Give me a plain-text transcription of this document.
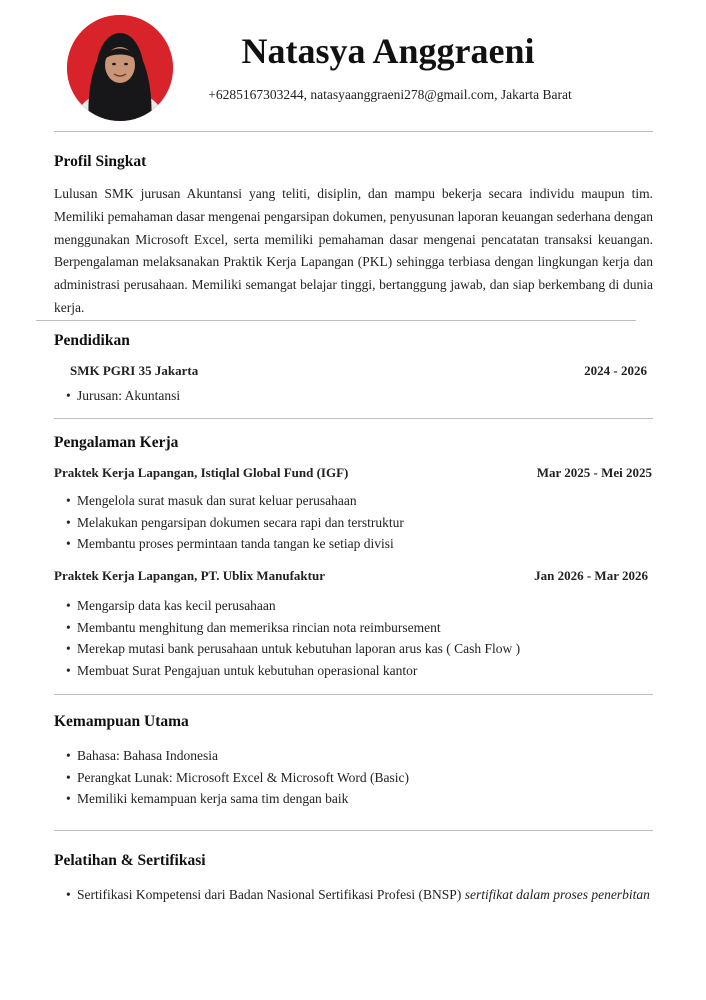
Natasya Anggraeni
+6285167303244, natasyaanggraeni278@gmail.com, Jakarta Barat
Profil Singkat
Lulusan SMK jurusan Akuntansi yang teliti, disiplin, dan mampu bekerja secara individu maupun tim. Memiliki pemahaman dasar mengenai pengarsipan dokumen, penyusunan laporan keuangan sederhana dengan menggunakan Microsoft Excel, serta memiliki pemahaman dasar mengenai pencatatan transaksi keuangan. Berpengalaman melaksanakan Praktik Kerja Lapangan (PKL) sehingga terbiasa dengan lingkungan kerja dan administrasi perusahaan. Memiliki semangat belajar tinggi, bertanggung jawab, dan siap berkembang di dunia kerja.
Pendidikan
SMK PGRI 35 Jakarta	2024 - 2026
• Jurusan: Akuntansi
Pengalaman Kerja
Praktek Kerja Lapangan, Istiqlal Global Fund (IGF)	Mar 2025 - Mei 2025
• Mengelola surat masuk dan surat keluar perusahaan
• Melakukan pengarsipan dokumen secara rapi dan terstruktur
• Membantu proses permintaan tanda tangan ke setiap divisi
Praktek Kerja Lapangan, PT. Ublix Manufaktur	Jan 2026 - Mar 2026
• Mengarsip data kas kecil perusahaan
• Membantu menghitung dan memeriksa rincian nota reimbursement
• Merekap mutasi bank perusahaan untuk kebutuhan laporan arus kas ( Cash Flow )
• Membuat Surat Pengajuan untuk kebutuhan operasional kantor
Kemampuan Utama
• Bahasa: Bahasa Indonesia
• Perangkat Lunak: Microsoft Excel & Microsoft Word (Basic)
• Memiliki kemampuan kerja sama tim dengan baik
Pelatihan & Sertifikasi
• Sertifikasi Kompetensi dari Badan Nasional Sertifikasi Profesi (BNSP) sertifikat dalam proses penerbitan
